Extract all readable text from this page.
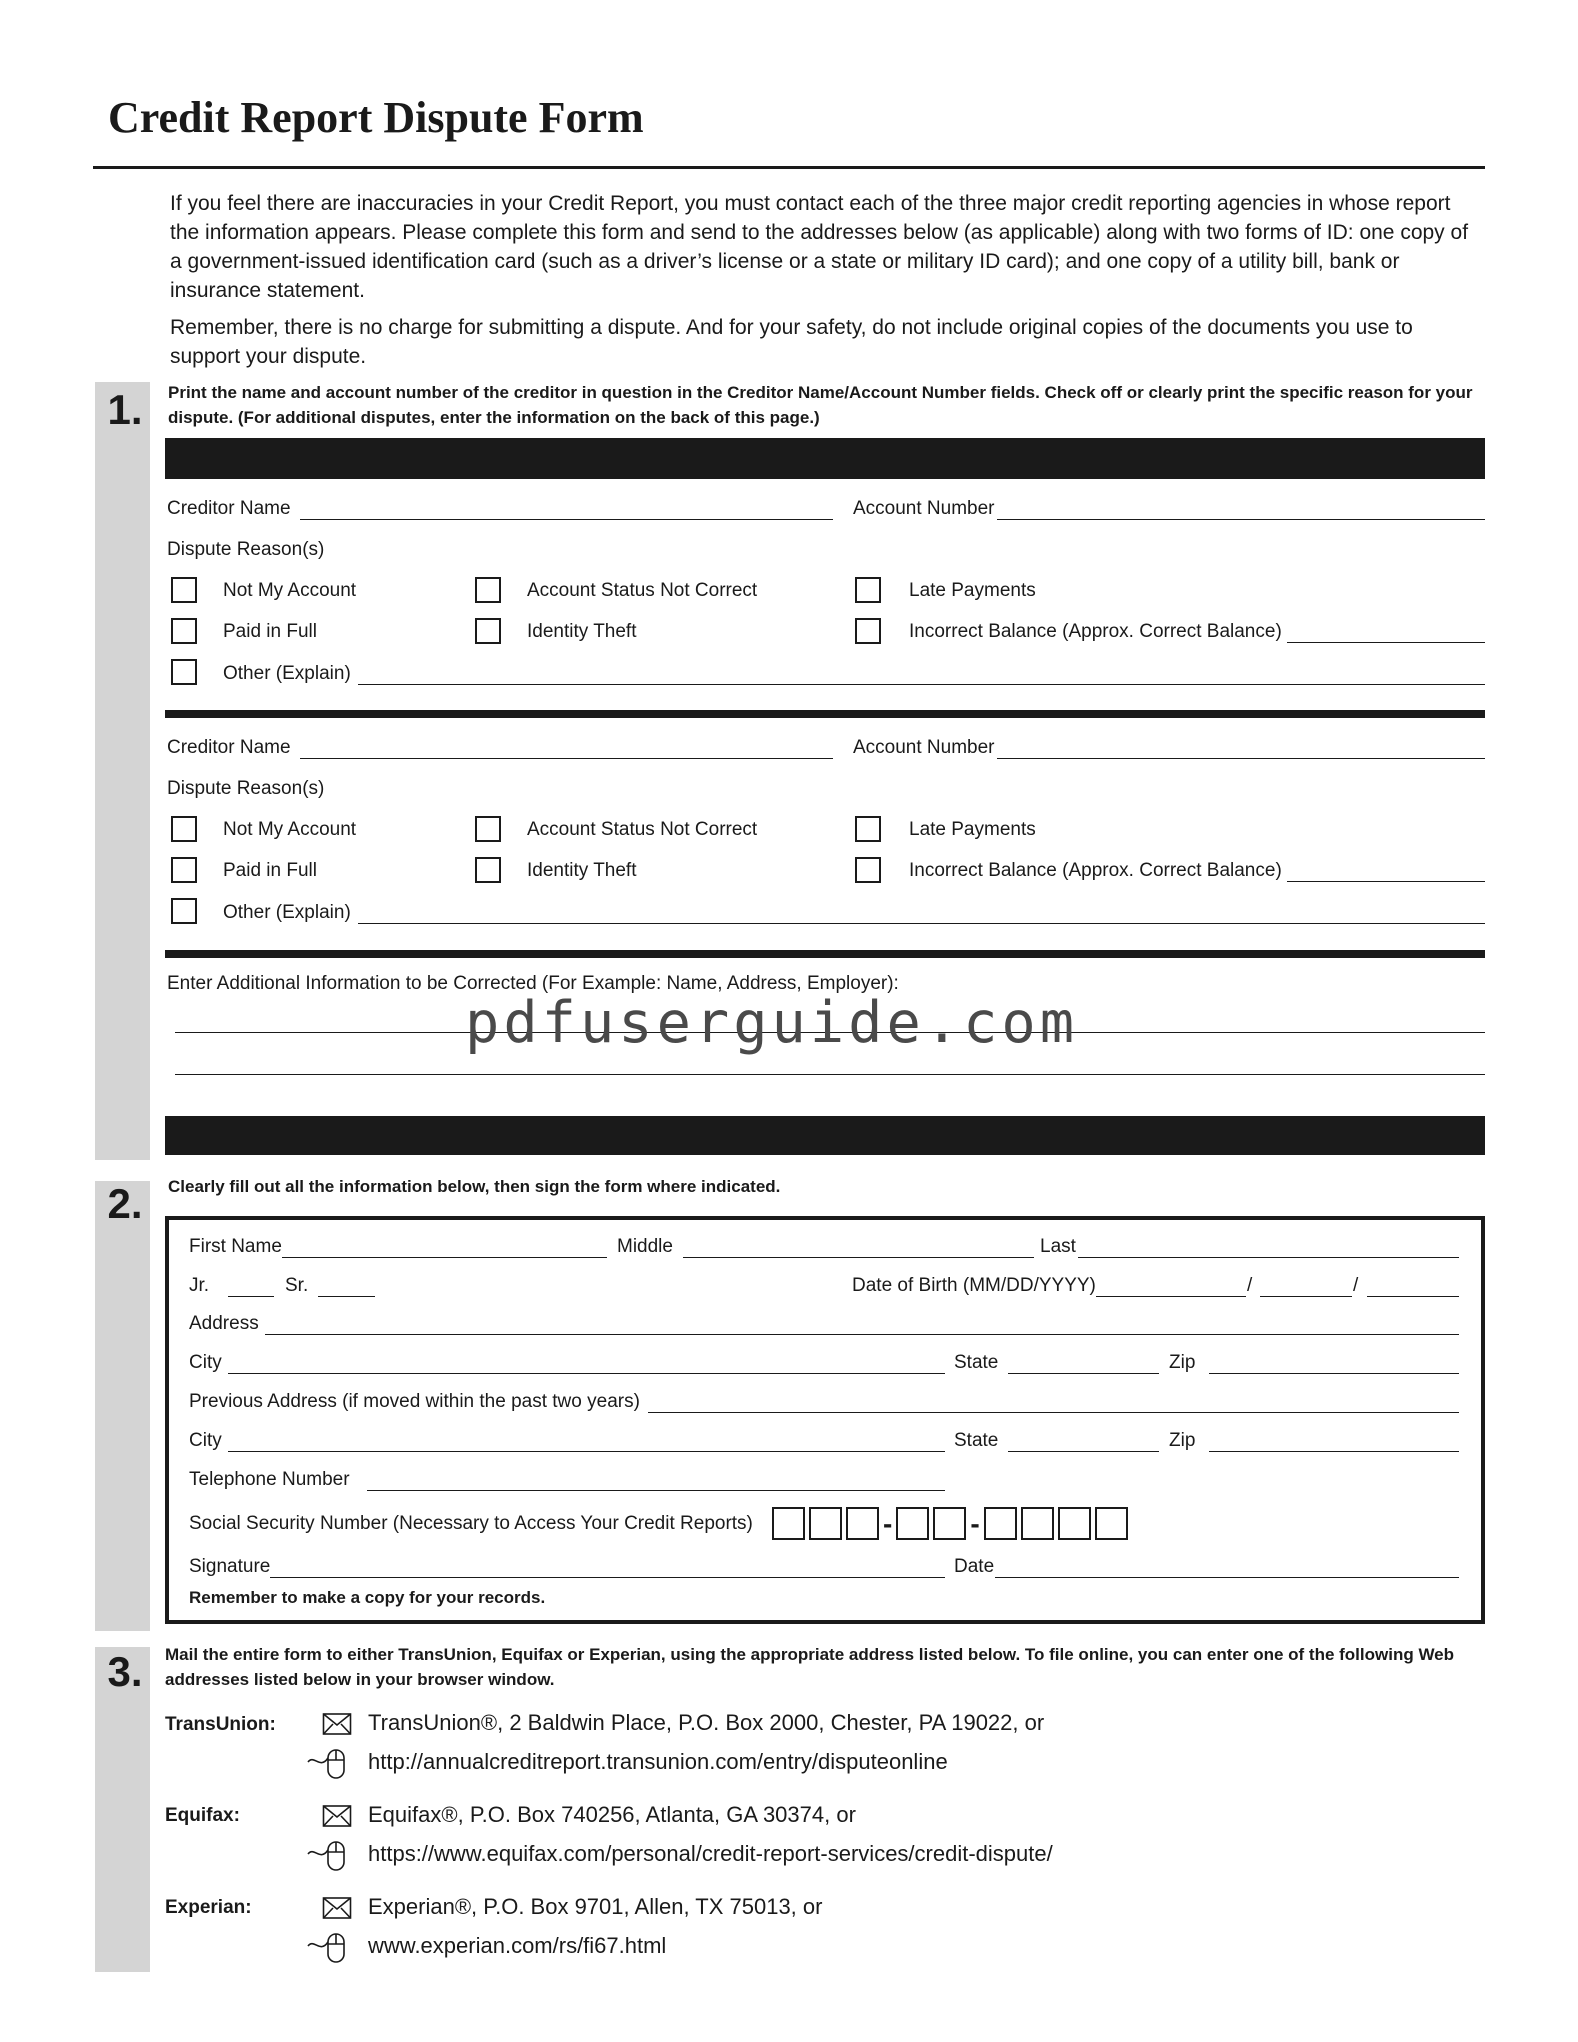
Credit Report Dispute Form
If you feel there are inaccuracies in your Credit Report, you must contact each of the three major credit reporting agencies in whose report the information appears. Please complete this form and send to the addresses below (as applicable) along with two forms of ID: one copy of a government-issued identification card (such as a driver’s license or a state or military ID card); and one copy of a utility bill, bank or insurance statement.
Remember, there is no charge for submitting a dispute. And for your safety, do not include original copies of the documents you use to support your dispute.
1.	Print the name and account number of the creditor in question in the Creditor Name/Account Number fields. Check off or clearly print the specific reason for your dispute. (For additional disputes, enter the information on the back of this page.)
Creditor Name	Account Number
Dispute Reason(s)
Not My Account	Account Status Not Correct	Late Payments
Paid in Full	Identity Theft	Incorrect Balance (Approx. Correct Balance)
Other (Explain)
Creditor Name	Account Number
Dispute Reason(s)
Not My Account	Account Status Not Correct	Late Payments
Paid in Full	Identity Theft	Incorrect Balance (Approx. Correct Balance)
Other (Explain)
Enter Additional Information to be Corrected (For Example: Name, Address, Employer):
pdfuserguide.com
2.	Clearly fill out all the information below, then sign the form where indicated.
First Name	Middle	Last
Jr.	Sr.	Date of Birth (MM/DD/YYYY)	/	/
Address
City	State	Zip
Previous Address (if moved within the past two years)
City	State	Zip
Telephone Number
Social Security Number (Necessary to Access Your Credit Reports)	-	-
Signature	Date
Remember to make a copy for your records.
3.	Mail the entire form to either TransUnion, Equifax or Experian, using the appropriate address listed below. To file online, you can enter one of the following Web addresses listed below in your browser window.
TransUnion:	TransUnion®, 2 Baldwin Place, P.O. Box 2000, Chester, PA 19022, or
http://annualcreditreport.transunion.com/entry/disputeonline
Equifax:	Equifax®, P.O. Box 740256, Atlanta, GA 30374, or
https://www.equifax.com/personal/credit-report-services/credit-dispute/
Experian:	Experian®, P.O. Box 9701, Allen, TX 75013, or
www.experian.com/rs/fi67.html
